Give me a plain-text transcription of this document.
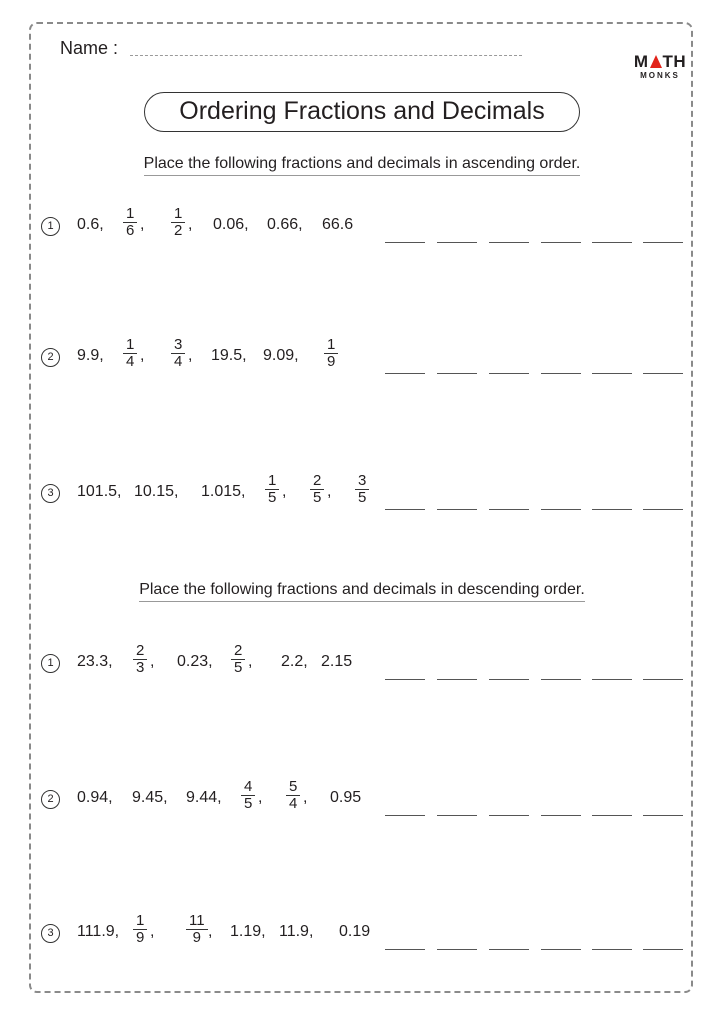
Name :
M TH
MONKS
Ordering Fractions and Decimals
Place the following fractions and decimals in ascending order.
1	0.6, $\frac{1}{6}$ , $\frac{1}{2}$ , 0.06, 0.66, 66.6
2	9.9, $\frac{1}{4}$ , $\frac{3}{4}$ , 19.5, 9.09, $\frac{1}{9}$
3	101.5, 10.15, 1.015, $\frac{1}{5}$ , $\frac{2}{5}$ , $\frac{3}{5}$
Place the following fractions and decimals in descending order.
1	23.3, $\frac{2}{3}$ , 0.23, $\frac{2}{5}$ , 2.2, 2.15
2	0.94, 9.45, 9.44, $\frac{4}{5}$ , $\frac{5}{4}$ , 0.95
3	111.9, $\frac{1}{9}$ , $\frac{11}{9}$ , 1.19, 11.9, 0.19
